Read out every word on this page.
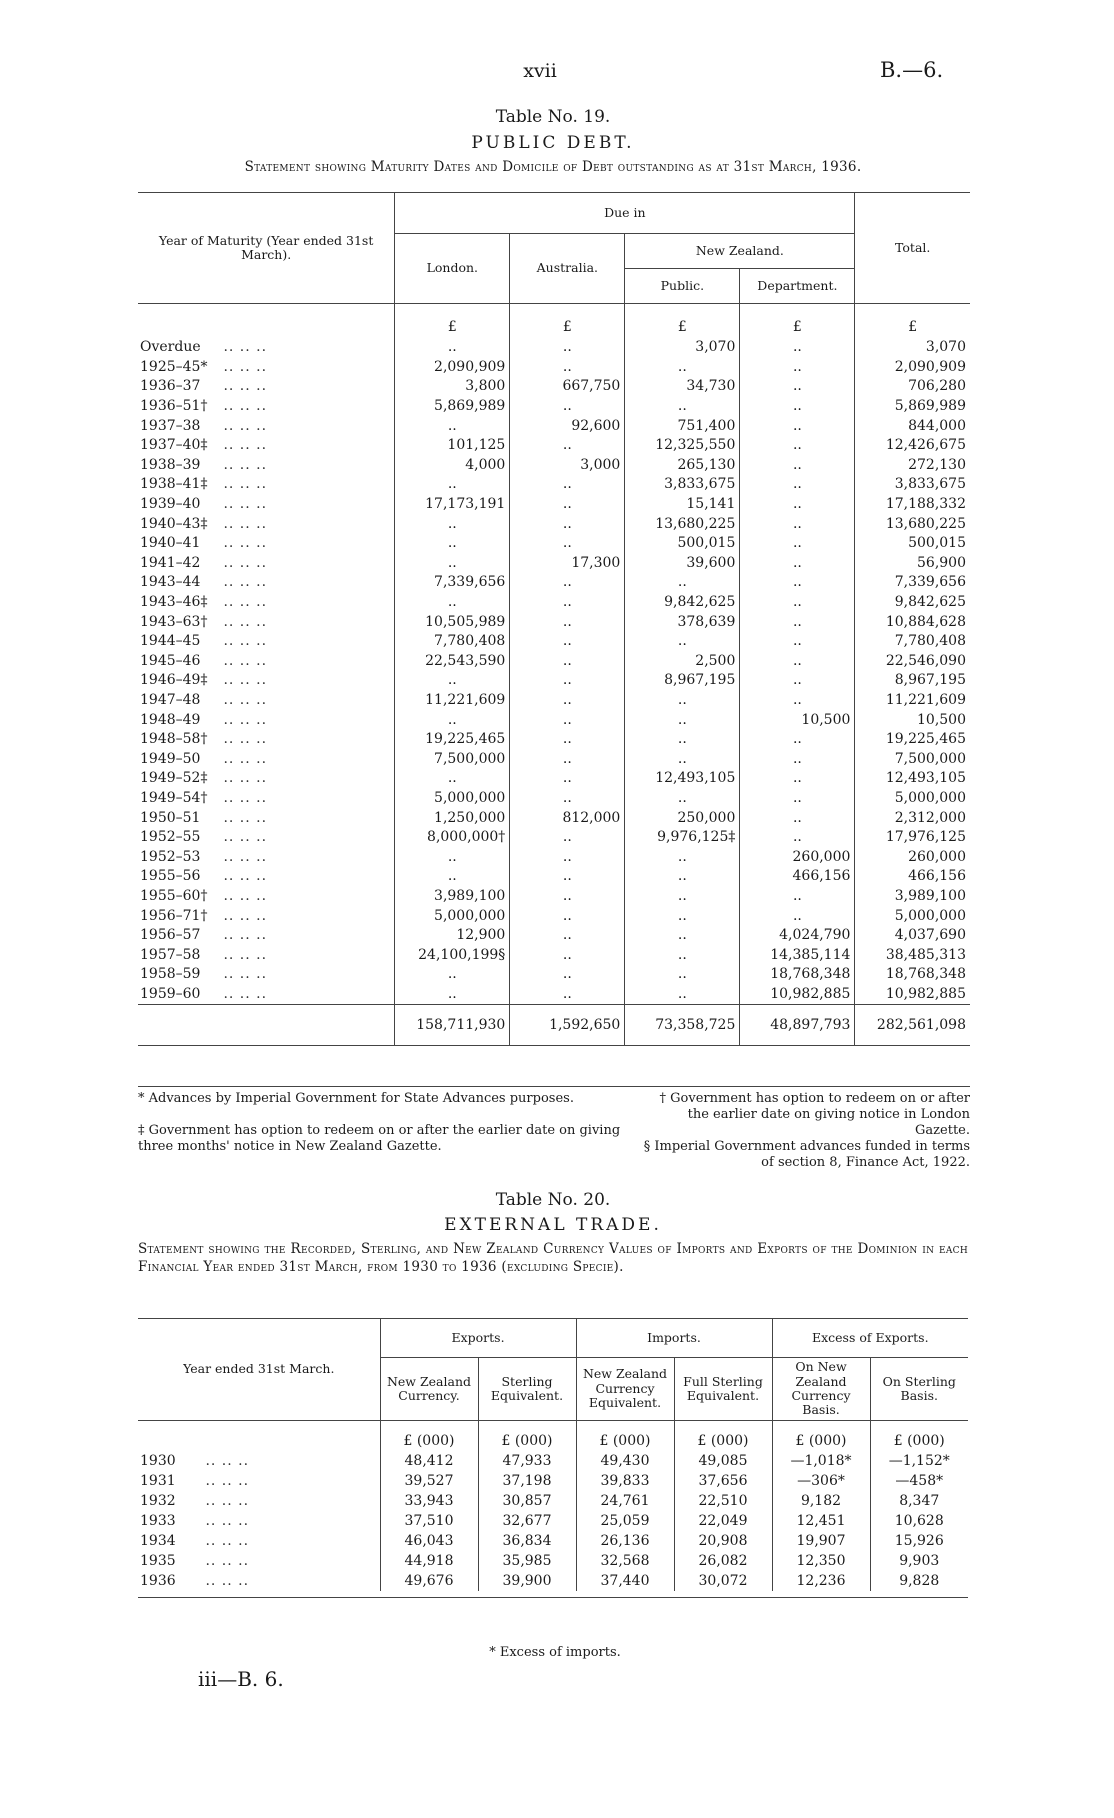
xvii	B.—6.
Table No. 19.
PUBLIC DEBT.
Statement showing Maturity Dates and Domicile of Debt outstanding as at 31st March, 1936.
Year of Maturity (Year ended 31st March).	Due in				Total.
	London.	Australia.	New Zealand.		
			Public.	Department.	
	£	£	£	£	£
Overdue .. .. ..	..	..	3,070	..	3,070
1925–45* .. .. ..	2,090,909	..	..	..	2,090,909
1936–37 .. .. ..	3,800	667,750	34,730	..	706,280
1936–51† .. .. ..	5,869,989	..	..	..	5,869,989
1937–38 .. .. ..	..	92,600	751,400	..	844,000
1937–40‡ .. .. ..	101,125	..	12,325,550	..	12,426,675
1938–39 .. .. ..	4,000	3,000	265,130	..	272,130
1938–41‡ .. .. ..	..	..	3,833,675	..	3,833,675
1939–40 .. .. ..	17,173,191	..	15,141	..	17,188,332
1940–43‡ .. .. ..	..	..	13,680,225	..	13,680,225
1940–41 .. .. ..	..	..	500,015	..	500,015
1941–42 .. .. ..	..	17,300	39,600	..	56,900
1943–44 .. .. ..	7,339,656	..	..	..	7,339,656
1943–46‡ .. .. ..	..	..	9,842,625	..	9,842,625
1943–63† .. .. ..	10,505,989	..	378,639	..	10,884,628
1944–45 .. .. ..	7,780,408	..	..	..	7,780,408
1945–46 .. .. ..	22,543,590	..	2,500	..	22,546,090
1946–49‡ .. .. ..	..	..	8,967,195	..	8,967,195
1947–48 .. .. ..	11,221,609	..	..	..	11,221,609
1948–49 .. .. ..	..	..	..	10,500	10,500
1948–58† .. .. ..	19,225,465	..	..	..	19,225,465
1949–50 .. .. ..	7,500,000	..	..	..	7,500,000
1949–52‡ .. .. ..	..	..	12,493,105	..	12,493,105
1949–54† .. .. ..	5,000,000	..	..	..	5,000,000
1950–51 .. .. ..	1,250,000	812,000	250,000	..	2,312,000
1952–55 .. .. ..	8,000,000†	..	9,976,125‡	..	17,976,125
1952–53 .. .. ..	..	..	..	260,000	260,000
1955–56 .. .. ..	..	..	..	466,156	466,156
1955–60† .. .. ..	3,989,100	..	..	..	3,989,100
1956–71† .. .. ..	5,000,000	..	..	..	5,000,000
1956–57 .. .. ..	12,900	..	..	4,024,790	4,037,690
1957–58 .. .. ..	24,100,199§	..	..	14,385,114	38,485,313
1958–59 .. .. ..	..	..	..	18,768,348	18,768,348
1959–60 .. .. ..	..	..	..	10,982,885	10,982,885
	158,711,930	1,592,650	73,358,725	48,897,793	282,561,098
* Advances by Imperial Government for State Advances purposes.
‡ Government has option to redeem on or after the earlier date on giving three months' notice in New Zealand Gazette.
† Government has option to redeem on or after the earlier date on giving notice in London Gazette.
§ Imperial Government advances funded in terms of section 8, Finance Act, 1922.
Table No. 20.
EXTERNAL TRADE.
Statement showing the Recorded, Sterling, and New Zealand Currency Values of Imports and Exports of the Dominion in each Financial Year ended 31st March, from 1930 to 1936 (excluding Specie).
Year ended 31st March.	Exports.		Imports.		Excess of Exports.	
	New Zealand Currency.	Sterling Equivalent.	New Zealand Currency Equivalent.	Full Sterling Equivalent.	On New Zealand Currency Basis.	On Sterling Basis.
	£ (000)	£ (000)	£ (000)	£ (000)	£ (000)	£ (000)
1930 .. .. ..	48,412	47,933	49,430	49,085	—1,018*	—1,152*
1931 .. .. ..	39,527	37,198	39,833	37,656	—306*	—458*
1932 .. .. ..	33,943	30,857	24,761	22,510	9,182	8,347
1933 .. .. ..	37,510	32,677	25,059	22,049	12,451	10,628
1934 .. .. ..	46,043	36,834	26,136	20,908	19,907	15,926
1935 .. .. ..	44,918	35,985	32,568	26,082	12,350	9,903
1936 .. .. ..	49,676	39,900	37,440	30,072	12,236	9,828
* Excess of imports.
iii—B. 6.
